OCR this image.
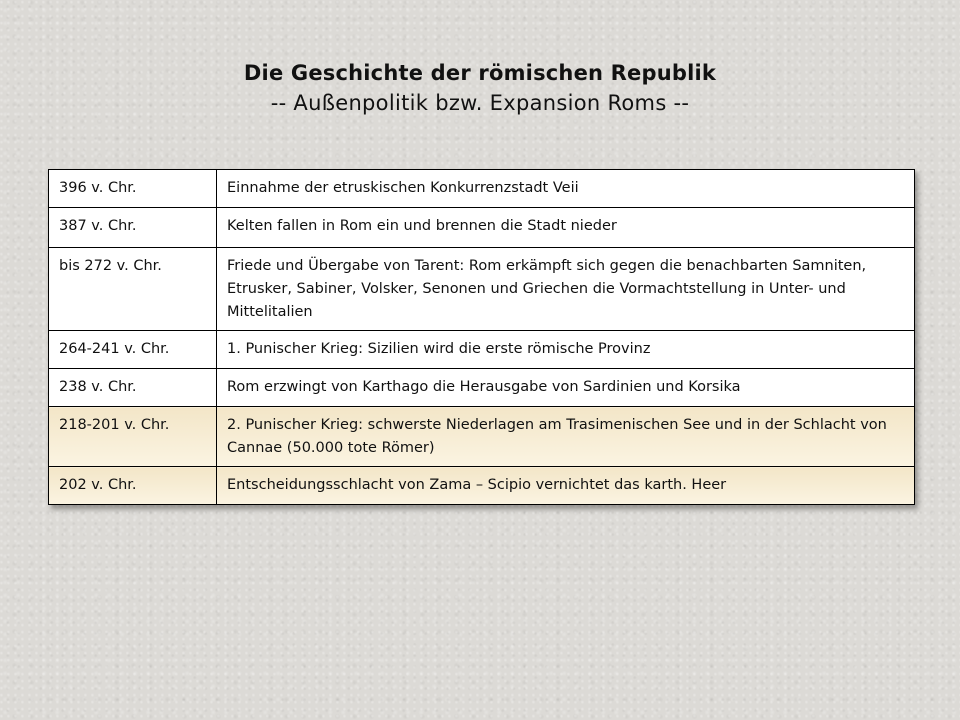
Die Geschichte der römischen Republik
-- Außenpolitik bzw. Expansion Roms --
396 v. Chr.	Einnahme der etruskischen Konkurrenzstadt Veii
387 v. Chr.	Kelten fallen in Rom ein und brennen die Stadt nieder
bis 272 v. Chr.	Friede und Übergabe von Tarent: Rom erkämpft sich gegen die benachbarten Samniten, Etrusker, Sabiner, Volsker, Senonen und Griechen die Vormachtstellung in Unter- und Mittelitalien
264-241 v. Chr.	1. Punischer Krieg: Sizilien wird die erste römische Provinz
238 v. Chr.	Rom erzwingt von Karthago die Herausgabe von Sardinien und Korsika
218-201 v. Chr.	2. Punischer Krieg: schwerste Niederlagen am Trasimenischen See und in der Schlacht von Cannae (50.000 tote Römer)
202 v. Chr.	Entscheidungsschlacht von Zama – Scipio vernichtet das karth. Heer
